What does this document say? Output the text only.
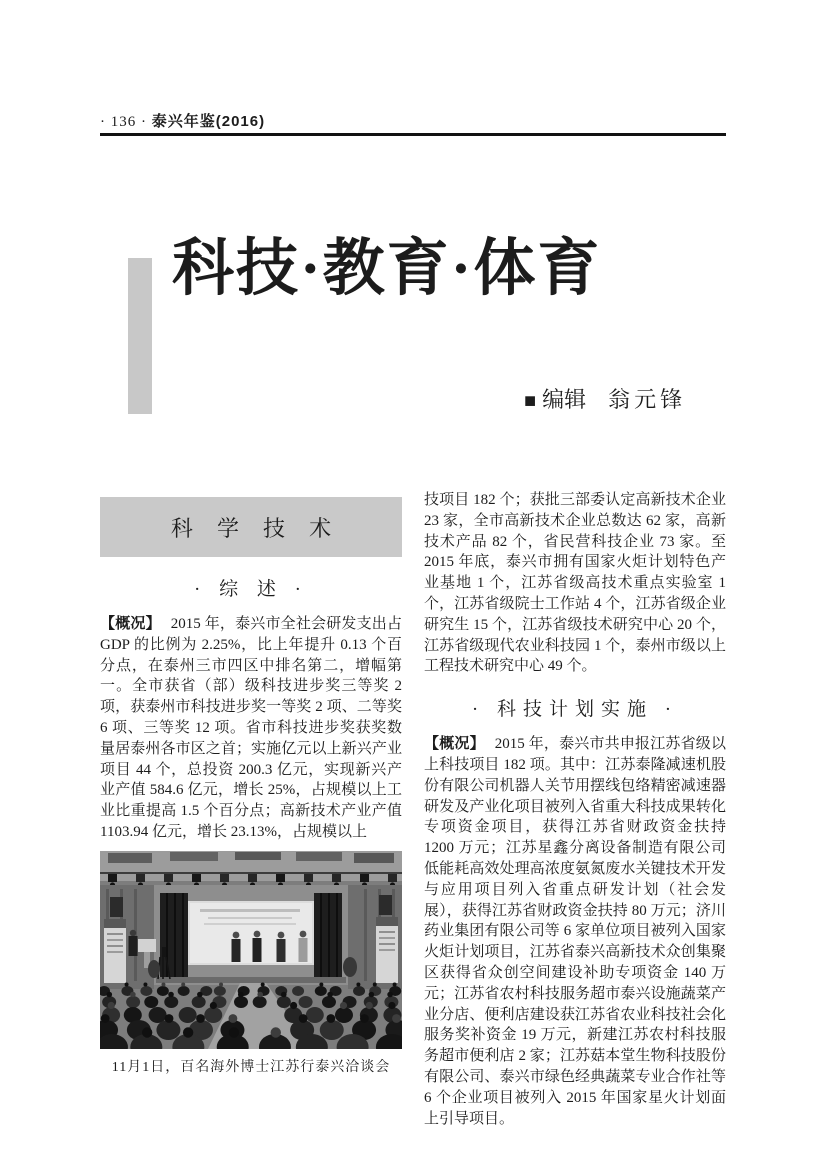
· 136 · 泰兴年鉴(2016)
科技·教育·体育
■ 编辑 翁元锋
科 学 技 术
· 综 述 ·

【概况】 2015 年，泰兴市全社会研发支出占 GDP 的比例为 2.25%，比上年提升 0.13 个百分点，在泰州三市四区中排名第二，增幅第一。全市获省（部）级科技进步奖三等奖 2 项，获泰州市科技进步奖一等奖 2 项、二等奖 6 项、三等奖 12 项。省市科技进步奖获奖数量居泰州各市区之首；实施亿元以上新兴产业项目 44 个，总投资 200.3 亿元，实现新兴产业产值 584.6 亿元，增长 25%，占规模以上工业比重提高 1.5 个百分点；高新技术产业产值 1103.94 亿元，增长 23.13%，占规模以上

11月1日，百名海外博士江苏行泰兴洽谈会

技项目 182 个；获批三部委认定高新技术企业 23 家，全市高新技术企业总数达 62 家，高新技术产品 82 个，省民营科技企业 73 家。至 2015 年底，泰兴市拥有国家火炬计划特色产业基地 1 个，江苏省级高技术重点实验室 1 个，江苏省级院士工作站 4 个，江苏省级企业研究生 15 个，江苏省级技术研究中心 20 个，江苏省级现代农业科技园 1 个，泰州市级以上工程技术研究中心 49 个。

· 科技计划实施 ·

【概况】 2015 年，泰兴市共申报江苏省级以上科技项目 182 项。其中：江苏泰隆减速机股份有限公司机器人关节用摆线包络精密减速器研发及产业化项目被列入省重大科技成果转化专项资金项目，获得江苏省财政资金扶持 1200 万元；江苏星鑫分离设备制造有限公司低能耗高效处理高浓度氨氮废水关键技术开发与应用项目列入省重点研发计划（社会发展），获得江苏省财政资金扶持 80 万元；济川药业集团有限公司等 6 家单位项目被列入国家火炬计划项目，江苏省泰兴高新技术众创集聚区获得省众创空间建设补助专项资金 140 万元；江苏省农村科技服务超市泰兴设施蔬菜产业分店、便利店建设获江苏省农业科技社会化服务奖补资金 19 万元，新建江苏农村科技服务超市便利店 2 家；江苏菇本堂生物科技股份有限公司、泰兴市绿色经典蔬菜专业合作社等 6 个企业项目被列入 2015 年国家星火计划面上引导项目。
